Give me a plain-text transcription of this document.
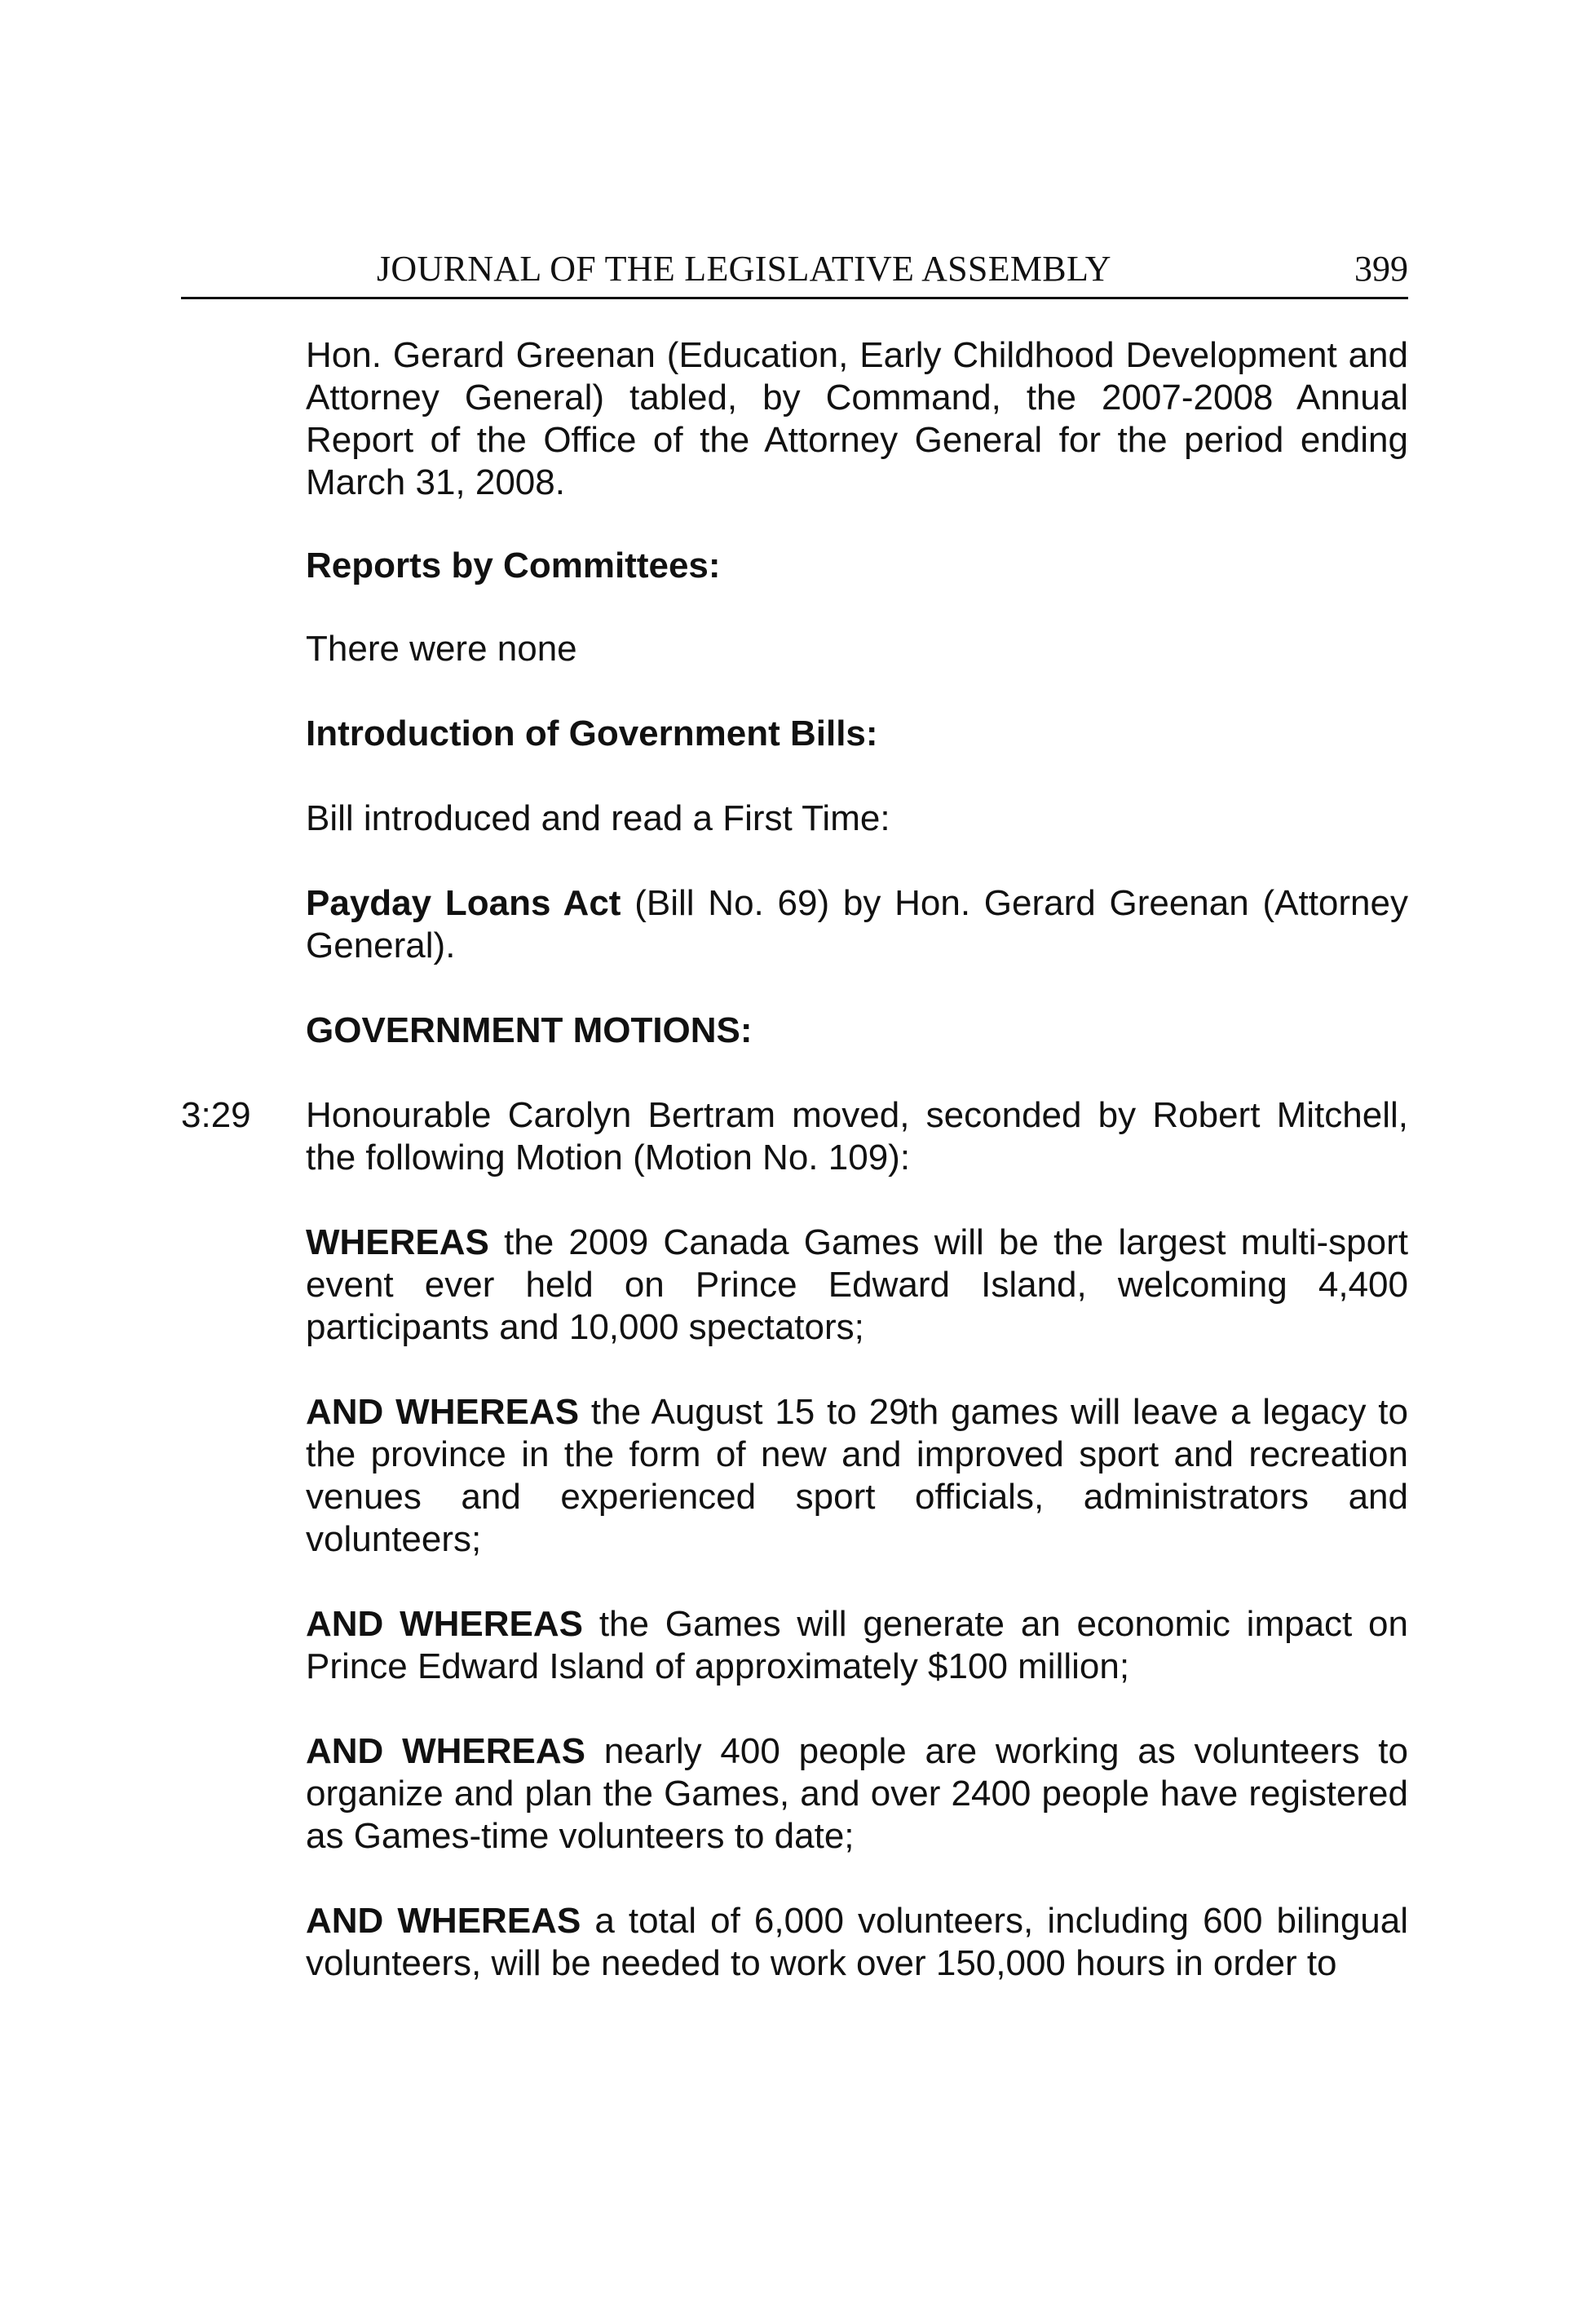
JOURNAL OF THE LEGISLATIVE ASSEMBLY	399
Hon. Gerard Greenan (Education, Early Childhood Development and Attorney General) tabled, by Command, the 2007-2008 Annual Report of the Office of the Attorney General for the period ending March 31, 2008.
Reports by Committees:
There were none
Introduction of Government Bills:
Bill introduced and read a First Time:
Payday Loans Act (Bill No. 69) by Hon. Gerard Greenan (Attorney General).
GOVERNMENT MOTIONS:
3:29 Honourable Carolyn Bertram moved, seconded by Robert Mitchell, the following Motion (Motion No. 109):
WHEREAS the 2009 Canada Games will be the largest multi-sport event ever held on Prince Edward Island, welcoming 4,400 participants and 10,000 spectators;
AND WHEREAS the August 15 to 29th games will leave a legacy to the province in the form of new and improved sport and recreation venues and experienced sport officials, administrators and volunteers;
AND WHEREAS the Games will generate an economic impact on Prince Edward Island of approximately $100 million;
AND WHEREAS nearly 400 people are working as volunteers to organize and plan the Games, and over 2400 people have registered as Games-time volunteers to date;
AND WHEREAS a total of 6,000 volunteers, including 600 bilingual volunteers, will be needed to work over 150,000 hours in order to
